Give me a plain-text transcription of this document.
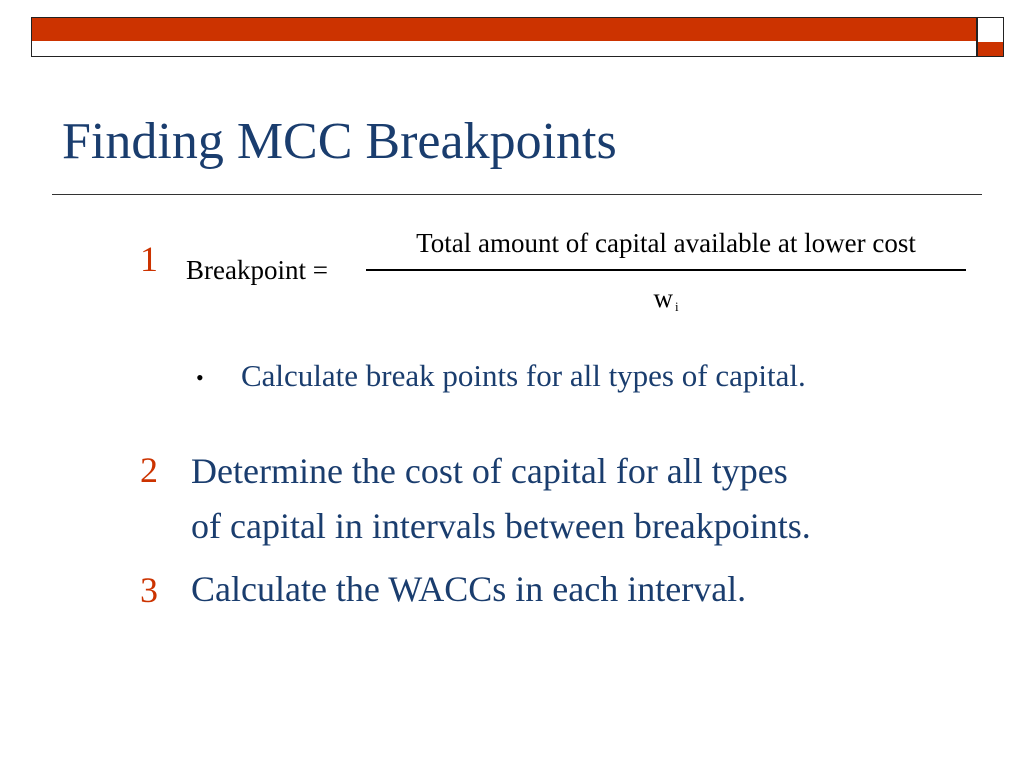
Finding MCC Breakpoints
1 Breakpoint =
Total amount of capital available at lower cost
w $_i$
• Calculate break points for all types of capital.
2 Determine the cost of capital for all types
of capital in intervals between breakpoints.
3 Calculate the WACCs in each interval.
